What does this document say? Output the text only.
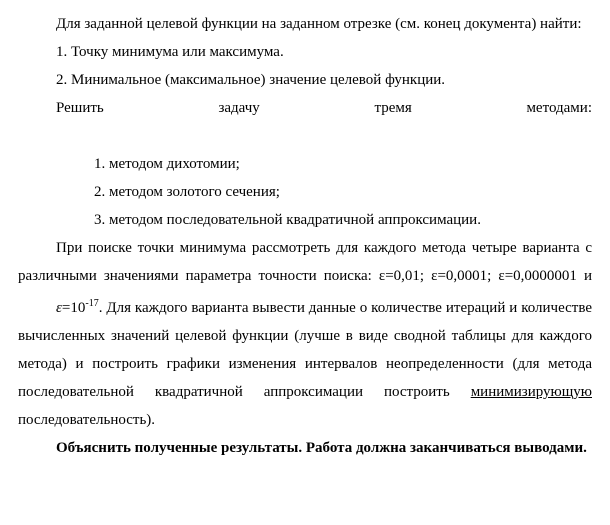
Для заданной целевой функции на заданном отрезке (см. конец документа) найти:

1. Точку минимума или максимума.

2. Минимальное (максимальное) значение целевой функции.

Решить задачу тремя методами:

1. методом дихотомии;

2. методом золотого сечения;

3. методом последовательной квадратичной аппроксимации.

При поиске точки минимума рассмотреть для каждого метода четыре варианта с различными значениями параметра точности поиска: ε=0,01; ε=0,0001; ε=0,0000001 и $\varepsilon=10^{-17}$. Для каждого варианта вывести данные о количестве итераций и количестве вычисленных значений целевой функции (лучше в виде сводной таблицы для каждого метода) и построить графики изменения интервалов неопределенности (для метода последовательной квадратичной аппроксимации построить минимизирующую последовательность).

Объяснить полученные результаты. Работа должна заканчиваться выводами.
